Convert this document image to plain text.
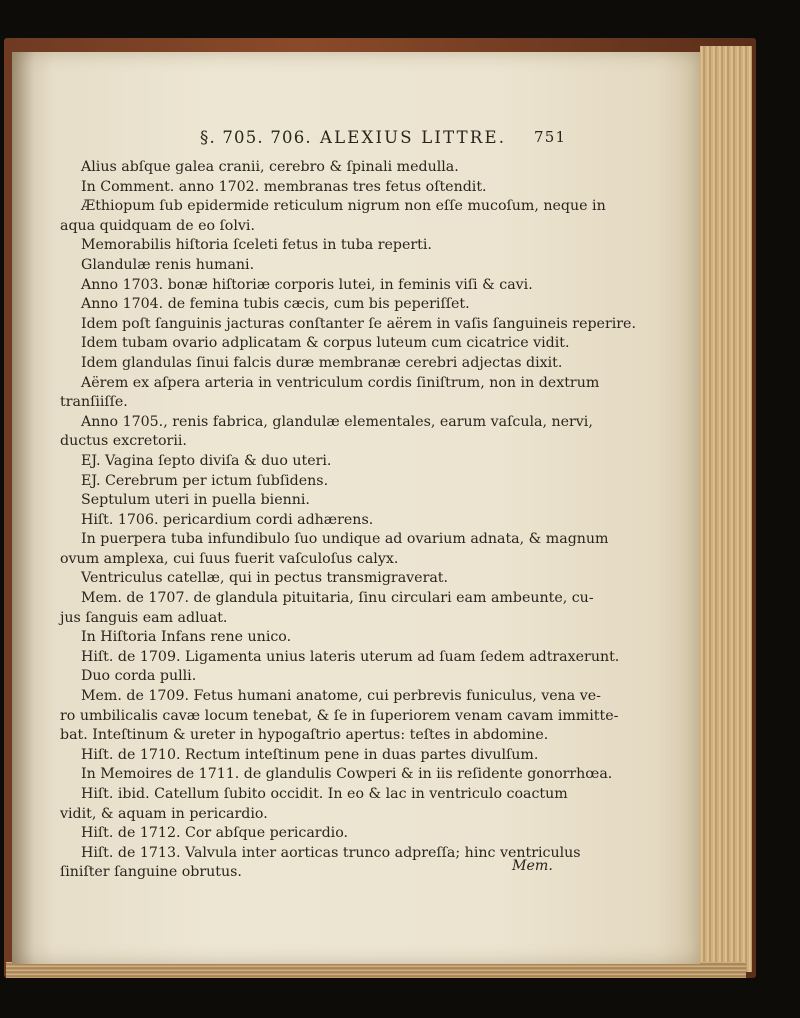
§. 705. 706. ALEXIUS LITTRE. 751
Alius abſque galea cranii, cerebro & ſpinali medulla.
In Comment. anno 1702. membranas tres fetus oſtendit.
Æthiopum ſub epidermide reticulum nigrum non eſſe mucoſum, neque in
aqua quidquam de eo ſolvi.
Memorabilis hiſtoria ſceleti fetus in tuba reperti.
Glandulæ renis humani.
Anno 1703. bonæ hiſtoriæ corporis lutei, in feminis viſi & cavi.
Anno 1704. de femina tubis cæcis, cum bis peperiſſet.
Idem poſt ſanguinis jacturas conſtanter ſe aërem in vaſis ſanguineis reperire.
Idem tubam ovario adplicatam & corpus luteum cum cicatrice vidit.
Idem glandulas ſinui falcis duræ membranæ cerebri adjectas dixit.
Aërem ex aſpera arteria in ventriculum cordis ſiniſtrum, non in dextrum
tranſiiſſe.
Anno 1705., renis fabrica, glandulæ elementales, earum vaſcula, nervi,
ductus excretorii.
EJ. Vagina ſepto diviſa & duo uteri.
EJ. Cerebrum per ictum ſubſidens.
Septulum uteri in puella bienni.
Hiſt. 1706. pericardium cordi adhærens.
In puerpera tuba infundibulo ſuo undique ad ovarium adnata, & magnum
ovum amplexa, cui ſuus fuerit vaſculoſus calyx.
Ventriculus catellæ, qui in pectus transmigraverat.
Mem. de 1707. de glandula pituitaria, ſinu circulari eam ambeunte, cu-
jus ſanguis eam adluat.
In Hiſtoria Infans rene unico.
Hiſt. de 1709. Ligamenta unius lateris uterum ad ſuam ſedem adtraxerunt.
Duo corda pulli.
Mem. de 1709. Fetus humani anatome, cui perbrevis funiculus, vena ve-
ro umbilicalis cavæ locum tenebat, & ſe in ſuperiorem venam cavam immitte-
bat. Inteſtinum & ureter in hypogaſtrio apertus: teſtes in abdomine.
Hiſt. de 1710. Rectum inteſtinum pene in duas partes divulſum.
In Memoires de 1711. de glandulis Cowperi & in iis reſidente gonorrhœa.
Hiſt. ibid. Catellum ſubito occidit. In eo & lac in ventriculo coactum
vidit, & aquam in pericardio.
Hiſt. de 1712. Cor abſque pericardio.
Hiſt. de 1713. Valvula inter aorticas trunco adpreſſa; hinc ventriculus
ſiniſter ſanguine obrutus.	Mem.
